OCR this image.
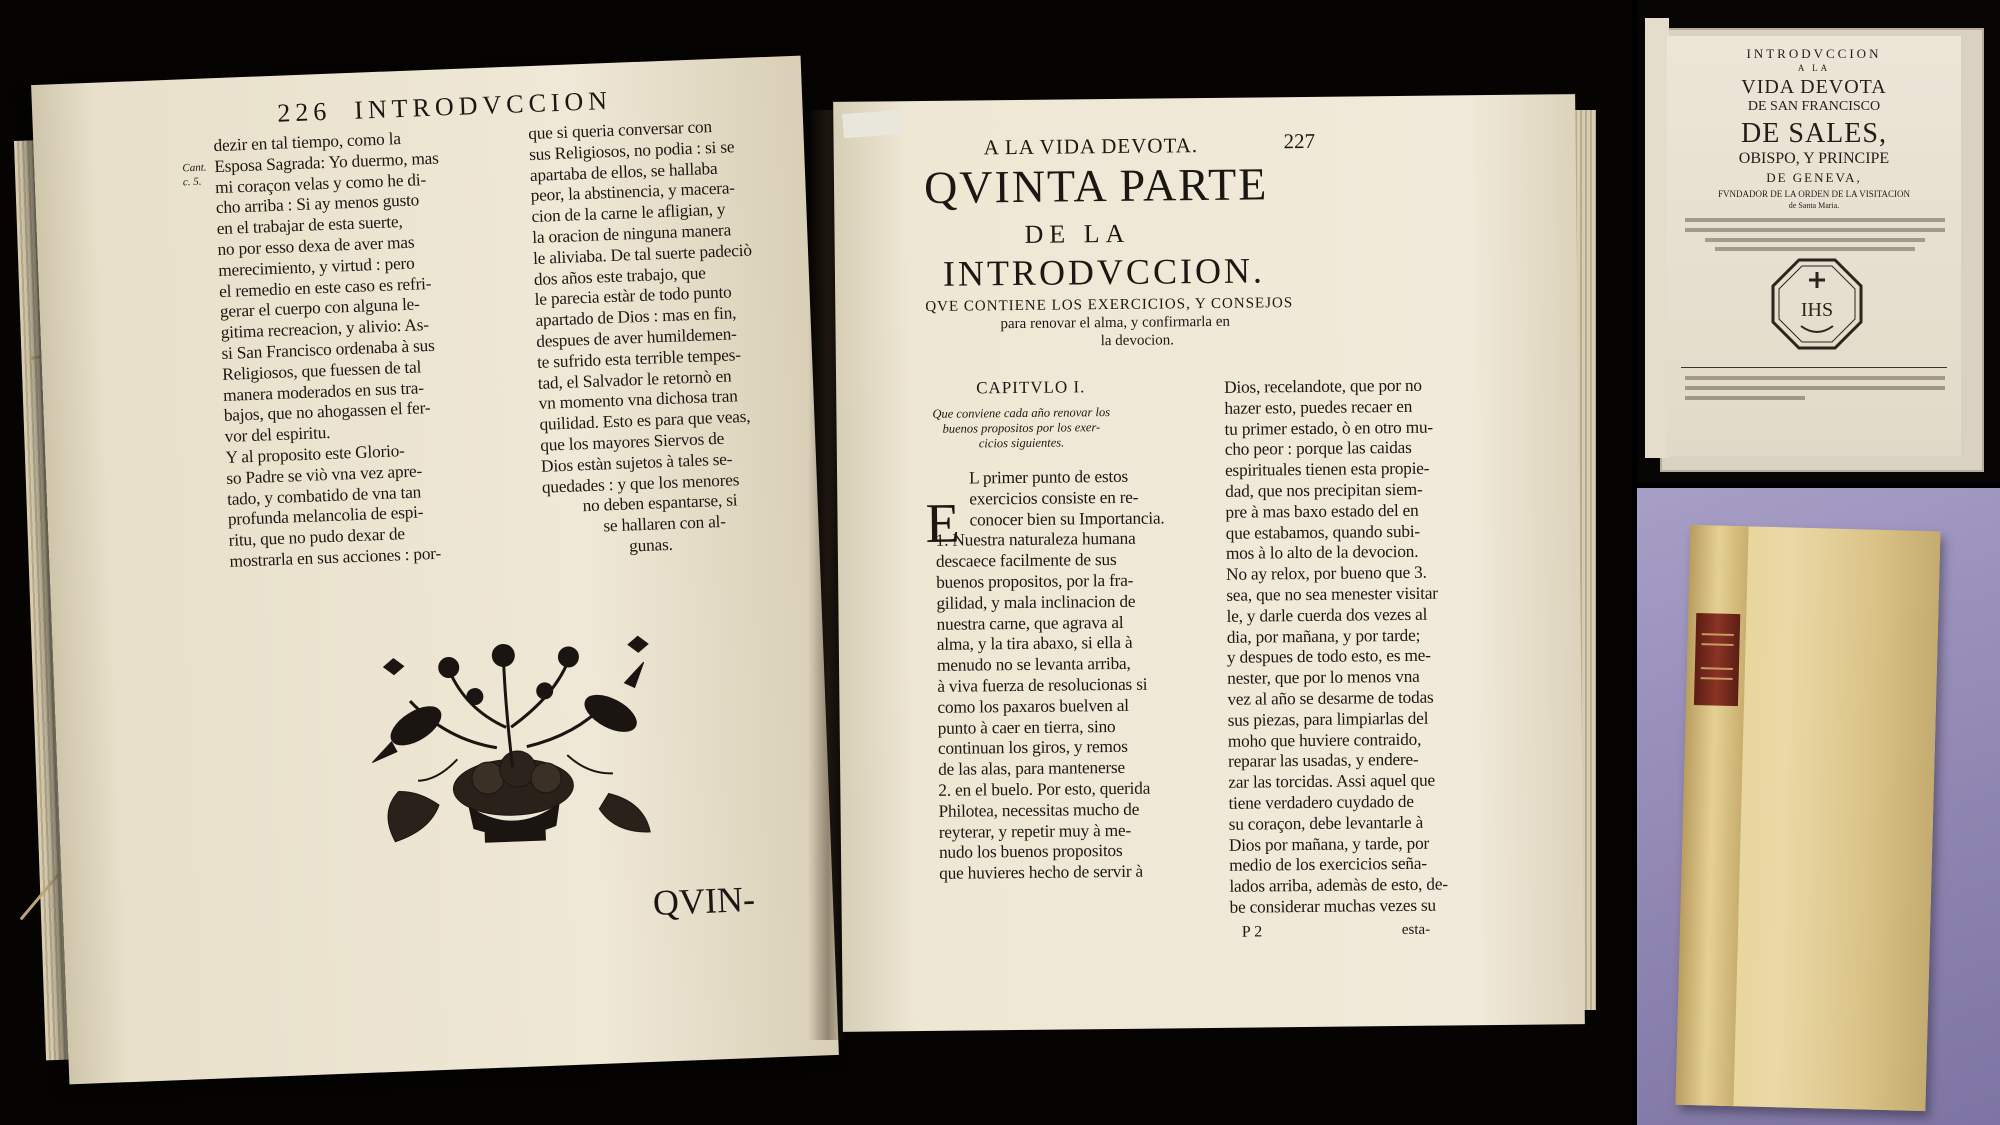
226 INTRODVCCION

Cant.
c. 5.
dezir en tal tiempo, como la
Esposa Sagrada: Yo duermo, mas
mi coraçon velas y como he di-
cho arriba : Si ay menos gusto
en el trabajar de esta suerte,
no por esso dexa de aver mas
merecimiento, y virtud : pero
el remedio en este caso es refri-
gerar el cuerpo con alguna le-
gitima recreacion, y alivio: As-
si San Francisco ordenaba à sus
Religiosos, que fuessen de tal
manera moderados en sus tra-
bajos, que no ahogassen el fer-
vor del espiritu.
Y al proposito este Glorio-
so Padre se viò vna vez apre-
tado, y combatido de vna tan
profunda melancolia de espi-
ritu, que no pudo dexar de
mostrarla en sus acciones : por-
que si queria conversar con
sus Religiosos, no podia : si se
apartaba de ellos, se hallaba
peor, la abstinencia, y macera-
cion de la carne le afligian, y
la oracion de ninguna manera
le aliviaba. De tal suerte padeciò
dos años este trabajo, que
le parecia estàr de todo punto
apartado de Dios : mas en fin,
despues de aver humildemen-
te sufrido esta terrible tempes-
tad, el Salvador le retornò en
vn momento vna dichosa tran
quilidad. Esto es para que veas,
que los mayores Siervos de
Dios estàn sujetos à tales se-
quedades : y que los menores
no deben espantarse, si
se hallaren con al-
gunas.

QVIN-

A LA VIDA DEVOTA.	227

QVINTA PARTE

DE LA

INTRODVCCION.

QVE CONTIENE LOS EXERCICIOS, Y CONSEJOS

para renovar el alma, y confirmarla en

la devocion.

CAPITVLO I.

Que conviene cada año renovar los
buenos propositos por los exer-
cicios siguientes.

E

L primer punto de estos
exercicios consiste en re-
conocer bien su Importancia.
1. Nuestra naturaleza humana
descaece facilmente de sus
buenos propositos, por la fra-
gilidad, y mala inclinacion de
nuestra carne, que agrava al
alma, y la tira abaxo, si ella à
menudo no se levanta arriba,
à viva fuerza de resolucionas si
como los paxaros buelven al
punto à caer en tierra, sino
continuan los giros, y remos
de las alas, para mantenerse
2. en el buelo. Por esto, querida
Philotea, necessitas mucho de
reyterar, y repetir muy à me-
nudo los buenos propositos
que huvieres hecho de servir à
Dios, recelandote, que por no
hazer esto, puedes recaer en
tu primer estado, ò en otro mu-
cho peor : porque las caidas
espirituales tienen esta propie-
dad, que nos precipitan siem-
pre à mas baxo estado del en
que estabamos, quando subi-
mos à lo alto de la devocion.
No ay relox, por bueno que 3.
sea, que no sea menester visitar
le, y darle cuerda dos vezes al
dia, por mañana, y por tarde;
y despues de todo esto, es me-
nester, que por lo menos vna
vez al año se desarme de todas
sus piezas, para limpiarlas del
moho que huviere contraido,
reparar las usadas, y endere-
zar las torcidas. Assi aquel que
tiene verdadero cuydado de
su coraçon, debe levantarle à
Dios por mañana, y tarde, por
medio de los exercicios seña-
lados arriba, ademàs de esto, de-
be considerar muchas vezes su

P 2	esta-

INTRODVCCION

A LA

VIDA DEVOTA

DE SAN FRANCISCO

DE SALES,

OBISPO, Y PRINCIPE

DE GENEVA,

FVNDADOR DE LA ORDEN DE LA VISITACION

de Santa Maria.

IHS
